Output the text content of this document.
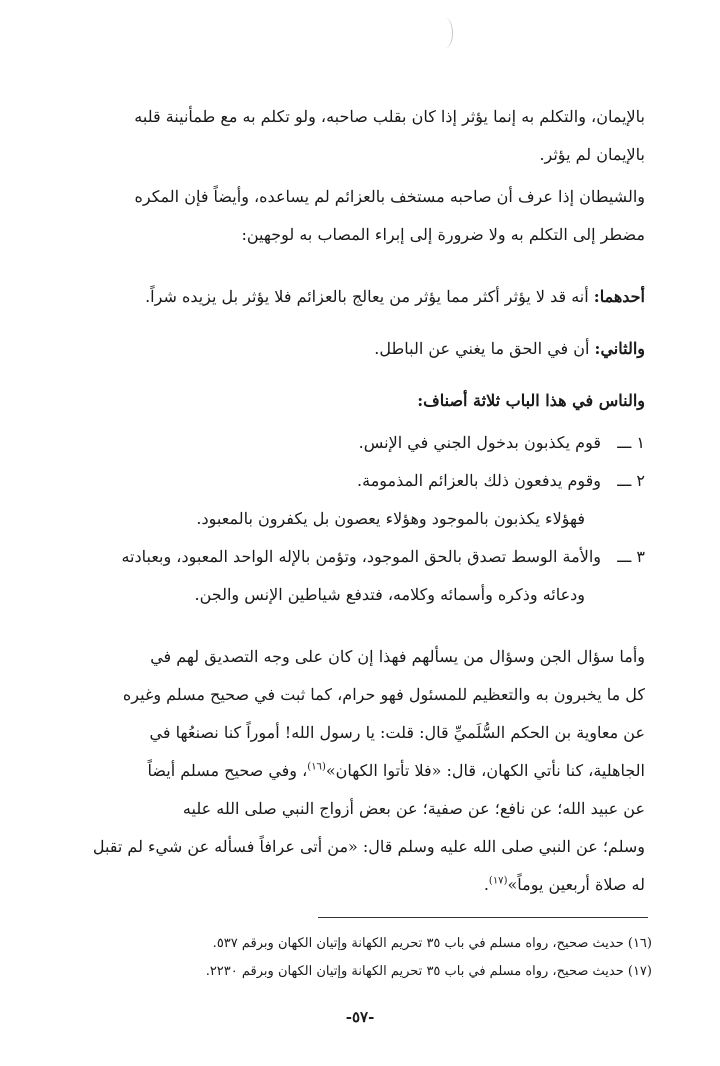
بالإيمان، والتكلم به إنما يؤثر إذا كان بقلب صاحبه، ولو تكلم به مع طمأنينة قلبه

بالإيمان لم يؤثر.

والشيطان إذا عرف أن صاحبه مستخف بالعزائم لم يساعده، وأيضاً فإن المكره

مضطر إلى التكلم به ولا ضرورة إلى إبراء المصاب به لوجهين:

أحدهما: أنه قد لا يؤثر أكثر مما يؤثر من يعالج بالعزائم فلا يؤثر بل يزيده شراً.

والثاني: أن في الحق ما يغني عن الباطل.

والناس في هذا الباب ثلاثة أصناف:

١ ـــ
قوم يكذبون بدخول الجني في الإنس.
٢ ـــ
وقوم يدفعون ذلك بالعزائم المذمومة.

فهؤلاء يكذبون بالموجود وهؤلاء يعصون بل يكفرون بالمعبود.

٣ ـــ
والأمة الوسط تصدق بالحق الموجود، وتؤمن بالإله الواحد المعبود، وبعبادته

ودعائه وذكره وأسمائه وكلامه، فتدفع شياطين الإنس والجن.

وأما سؤال الجن وسؤال من يسألهم فهذا إن كان على وجه التصديق لهم في

كل ما يخبرون به والتعظيم للمسئول فهو حرام، كما ثبت في صحيح مسلم وغيره

عن معاوية بن الحكم السُّلَميِّ قال: قلت: يا رسول الله! أموراً كنا نصنعُها في

الجاهلية، كنا نأتي الكهان، قال: «فلا تأتوا الكهان»$^{(١٦)}$، وفي صحيح مسلم أيضاً

عن عبيد الله؛ عن نافع؛ عن صفية؛ عن بعض أزواج النبي صلى الله عليه

وسلم؛ عن النبي صلى الله عليه وسلم قال: «من أتى عرافاً فسأله عن شيء لم تقبل

له صلاة أربعين يوماً»$^{(١٧)}$.

(١٦) حديث صحيح، رواه مسلم في باب ٣٥ تحريم الكهانة وإتيان الكهان وبرقم ٥٣٧.

(١٧) حديث صحيح، رواه مسلم في باب ٣٥ تحريم الكهانة وإتيان الكهان وبرقم ٢٢٣٠.

-٥٧-
